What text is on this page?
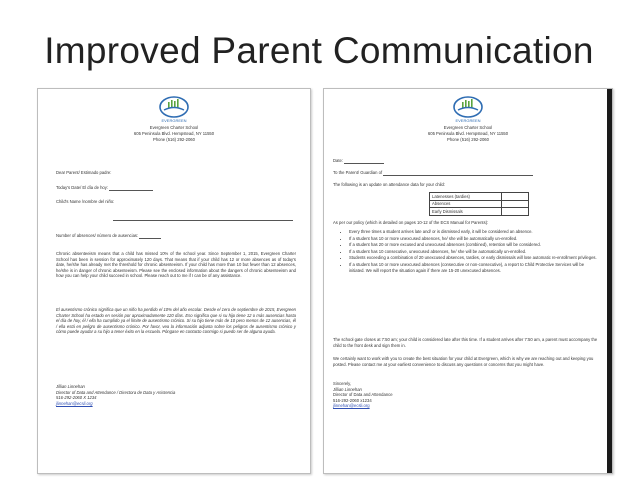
Improved Parent Communication
EVERGREEN
Evergreen Charter School
605 Peninsula Blvd. Hempstead, NY 11550
Phone (516) 292-2060
Dear Parent/ Estimado padre:
Today's Date/ El día de hoy:
Child's Name /nombre del niño:
Number of absences/ número de ausencias:
Chronic absenteeism means that a child has missed 10% of the school year. Since September 1, 2015, Evergreen Charter School has been in session for approximately 120 days. That means that if your child has 12 or more absences as of today's date, he/she has already met the threshold for chronic absenteeism. If your child has more than 10 but fewer than 12 absences, he/she is in danger of chronic absenteeism. Please see the enclosed information about the dangers of chronic absenteeism and how you can help your child succeed in school. Please reach out to me if I can be of any assistance.
El ausentismo crónico significa que un niño ha perdido el 10% del año escolar. Desde el 1ero de septiembre de 2015, Evergreen Charter School ha estado en sesión por aproximadamente 120 días. Eso significa que si su hijo tiene 12 o más ausencias hasta el día de hoy, él / ella ha cumplido ya el límite de ausentismo crónico. Si su hijo tiene más de 10 pero menos de 12 ausencias, él / ella está en peligro de ausentismo crónico. Por favor, vea la información adjunta sobre los peligros de ausentismo crónico y cómo puede ayudar a su hijo a tener éxito en la escuela. Póngase en contacto conmigo si puedo ser de alguna ayuda.

Jillian Linnehan

Director of Data and Attendance / Directora de Data y Asistencia

516-292-2060 X 1234

jlinnehan@ecsli.org

EVERGREEN
Evergreen Charter School
605 Peninsula Blvd. Hempstead, NY 11550
Phone (516) 292-2060
Date:
To the Parent/ Guardian of
The following is an update on attendance data for your child:
Latenesses (tardies)	
Absences	
Early Dismissals	
As per our policy (which is detailed on pages 10-12 of the ECS Manual for Parents):
• Every three times a student arrives late and/ or is dismissed early, it will be considered an absence.
• If a student has 10 or more unexcused absences, he/ she will be automatically un-enrolled.
• If a student has 20 or more excused and unexcused absences (combined), retention will be considered.
• If a student has 10 consecutive, unexcused absences, he/ she will be automatically un-enrolled.
• Students exceeding a combination of 20 unexcused absences, tardies, or early dismissals will lose automatic re-enrollment privileges.
• If a student has 10 or more unexcused absences (consecutive or non-consecutive), a report to Child Protective Services will be initiated. We will report the situation again if there are 15-20 unexcused absences.
The school gate closes at 7:50 am; your child is considered late after this time. If a student arrives after 7:50 am, a parent must accompany the child to the front desk and sign them in.
We certainly want to work with you to create the best situation for your child at Evergreen, which is why we are reaching out and keeping you posted. Please contact me at your earliest convenience to discuss any questions or concerns that you might have.

Sincerely,

Jillian Linnehan

Director of Data and Attendance

516-292-2060 x1234

jlinnehan@ecsli.org
